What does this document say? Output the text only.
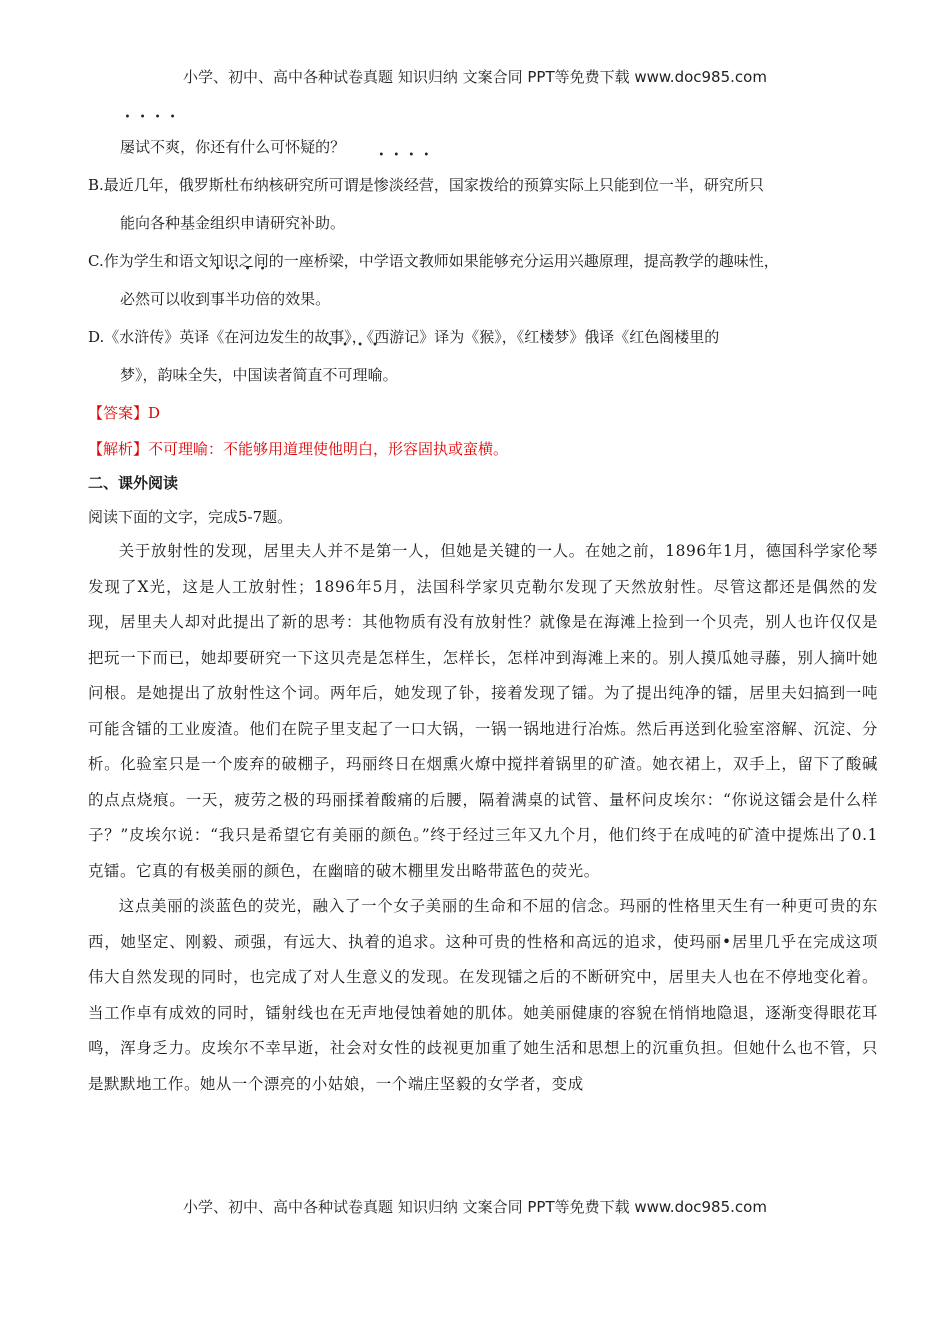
小学、初中、高中各种试卷真题 知识归纳 文案合同 PPT等免费下载 www.doc985.com
屡试不爽，你还有什么可怀疑的？
B.最近几年，俄罗斯杜布纳核研究所可谓是惨淡经营，国家拨给的预算实际上只能到位一半，研究所只
能向各种基金组织申请研究补助。
C.作为学生和语文知识之间的一座桥梁，中学语文教师如果能够充分运用兴趣原理，提高教学的趣味性，
必然可以收到事半功倍的效果。
D.《水浒传》英译《在河边发生的故事》，《西游记》译为《猴》，《红楼梦》俄译《红色阁楼里的
梦》，韵味全失，中国读者简直不可理喻。
【答案】D
【解析】不可理喻：不能够用道理使他明白，形容固执或蛮横。
二、课外阅读
阅读下面的文字，完成5-7题。
关于放射性的发现，居里夫人并不是第一人，但她是关键的一人。在她之前，1896年1月，德国科学家伦琴发现了X光，这是人工放射性；1896年5月，法国科学家贝克勒尔发现了天然放射性。尽管这都还是偶然的发现，居里夫人却对此提出了新的思考：其他物质有没有放射性？就像是在海滩上捡到一个贝壳，别人也许仅仅是把玩一下而已，她却要研究一下这贝壳是怎样生，怎样长，怎样冲到海滩上来的。别人摸瓜她寻藤，别人摘叶她问根。是她提出了放射性这个词。两年后，她发现了钋，接着发现了镭。为了提出纯净的镭，居里夫妇搞到一吨可能含镭的工业废渣。他们在院子里支起了一口大锅，一锅一锅地进行冶炼。然后再送到化验室溶解、沉淀、分析。化验室只是一个废弃的破棚子，玛丽终日在烟熏火燎中搅拌着锅里的矿渣。她衣裙上，双手上，留下了酸碱的点点烧痕。一天，疲劳之极的玛丽揉着酸痛的后腰，隔着满桌的试管、量杯问皮埃尔：“你说这镭会是什么样子？”皮埃尔说：“我只是希望它有美丽的颜色。”终于经过三年又九个月，他们终于在成吨的矿渣中提炼出了0.1克镭。它真的有极美丽的颜色，在幽暗的破木棚里发出略带蓝色的荧光。
这点美丽的淡蓝色的荧光，融入了一个女子美丽的生命和不屈的信念。玛丽的性格里天生有一种更可贵的东西，她坚定、刚毅、顽强，有远大、执着的追求。这种可贵的性格和高远的追求，使玛丽•居里几乎在完成这项伟大自然发现的同时，也完成了对人生意义的发现。在发现镭之后的不断研究中，居里夫人也在不停地变化着。当工作卓有成效的同时，镭射线也在无声地侵蚀着她的肌体。她美丽健康的容貌在悄悄地隐退，逐渐变得眼花耳鸣，浑身乏力。皮埃尔不幸早逝，社会对女性的歧视更加重了她生活和思想上的沉重负担。但她什么也不管，只是默默地工作。她从一个漂亮的小姑娘，一个端庄坚毅的女学者，变成
小学、初中、高中各种试卷真题 知识归纳 文案合同 PPT等免费下载 www.doc985.com
